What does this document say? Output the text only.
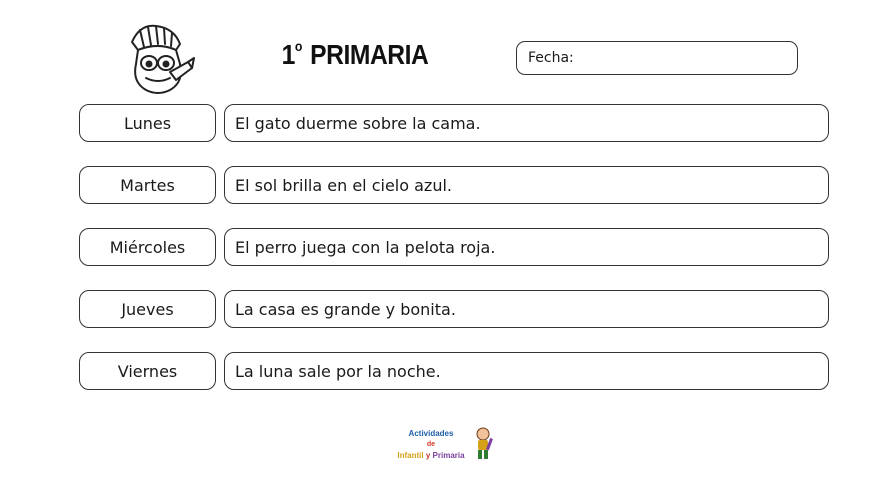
1$^o$ PRIMARIA	Fecha:
Lunes	El gato duerme sobre la cama.
Martes	El sol brilla en el cielo azul.
Miércoles	El perro juega con la pelota roja.
Jueves	La casa es grande y bonita.
Viernes	La luna sale por la noche.
Actividades
de
Infantil y Primaria
